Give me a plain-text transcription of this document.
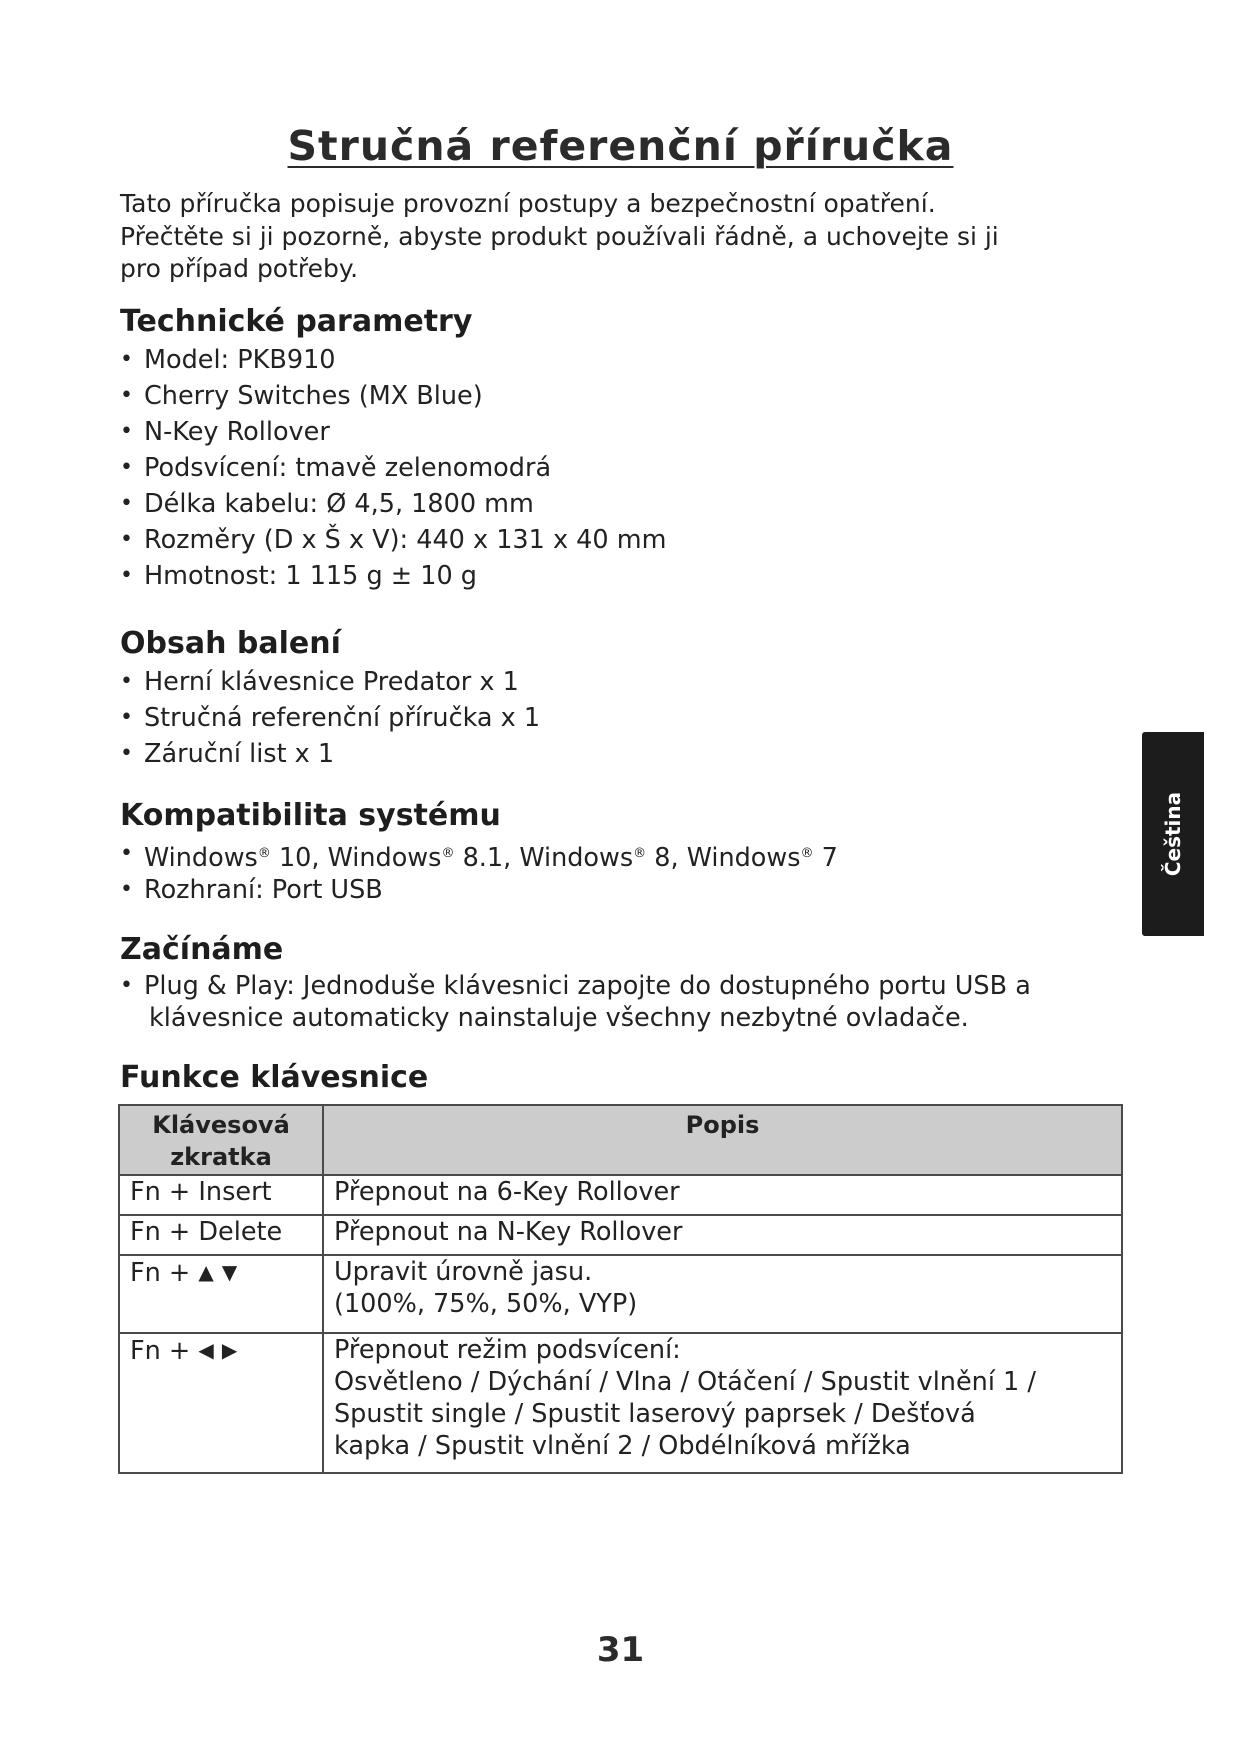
Stručná referenční příručka
Tato příručka popisuje provozní postupy a bezpečnostní opatření.
Přečtěte si ji pozorně, abyste produkt používali řádně, a uchovejte si ji
pro případ potřeby.
Technické parametry
• Model: PKB910
• Cherry Switches (MX Blue)
• N-Key Rollover
• Podsvícení: tmavě zelenomodrá
• Délka kabelu: Ø 4,5, 1800 mm
• Rozměry (D x Š x V): 440 x 131 x 40 mm
• Hmotnost: 1 115 g ± 10 g
Obsah balení
• Herní klávesnice Predator x 1
• Stručná referenční příručka x 1
• Záruční list x 1
Kompatibilita systému
• Windows® 10, Windows® 8.1, Windows® 8, Windows® 7
• Rozhraní: Port USB
Začínáme
• Plug & Play: Jednoduše klávesnici zapojte do dostupného portu USB a
klávesnice automaticky nainstaluje všechny nezbytné ovladače.
Funkce klávesnice
Klávesová
zkratka	Popis
Fn + Insert	Přepnout na 6-Key Rollover
Fn + Delete	Přepnout na N-Key Rollover
Fn + ▲ ▼	Upravit úrovně jasu.
(100%, 75%, 50%, VYP)

Fn + ◀ ▶	Přepnout režim podsvícení:
Osvětleno / Dýchání / Vlna / Otáčení / Spustit vlnění 1 /
Spustit single / Spustit laserový paprsek / Dešťová
kapka / Spustit vlnění 2 / Obdélníková mřížka
Čeština
31
